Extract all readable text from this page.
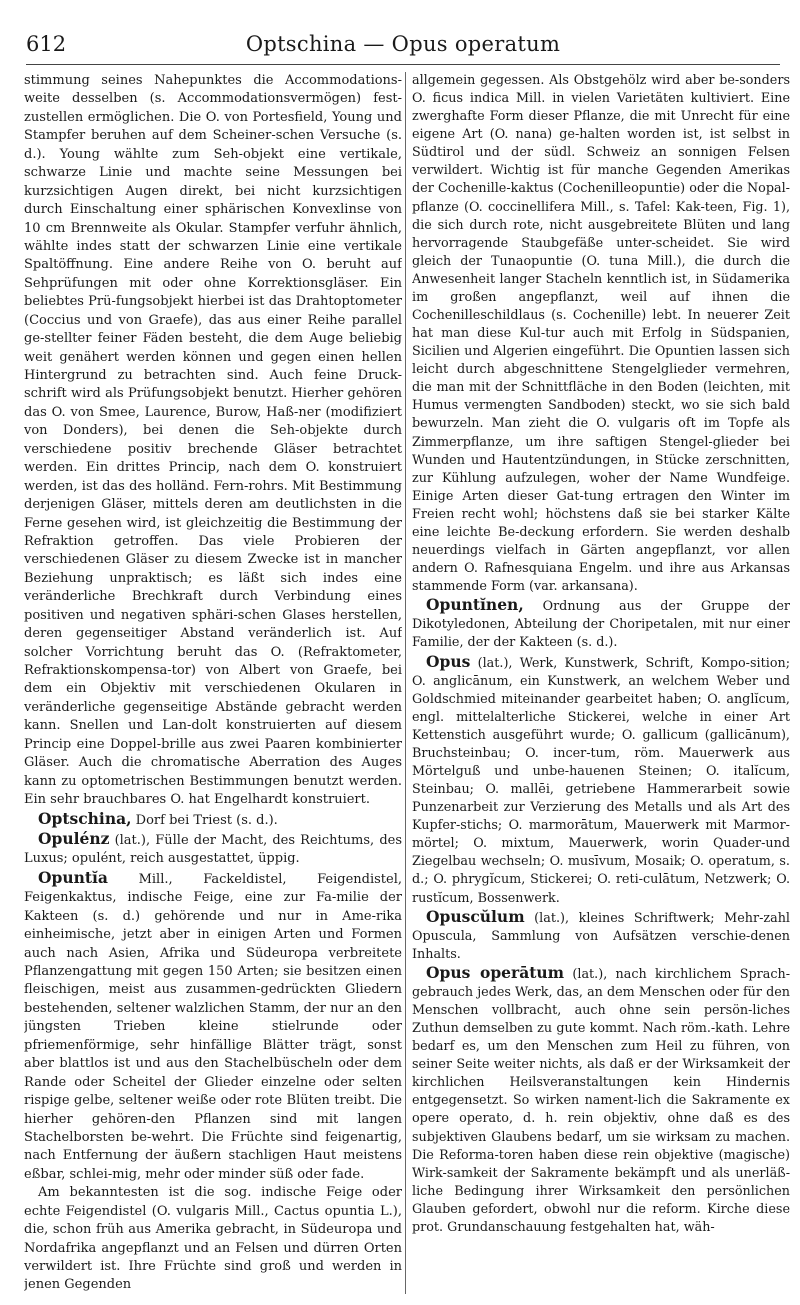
612	Optschina — Opus operatum

stimmung seines Nahepunktes die Accommodations-weite desselben (s. Accommodationsvermögen) fest-zustellen ermöglichen. Die O. von Portesfield, Young und Stampfer beruhen auf dem Scheiner-schen Versuche (s. d.). Young wählte zum Seh-objekt eine vertikale, schwarze Linie und machte seine Messungen bei kurzsichtigen Augen direkt, bei nicht kurzsichtigen durch Einschaltung einer sphärischen Konvexlinse von 10 cm Brennweite als Okular. Stampfer verfuhr ähnlich, wählte indes statt der schwarzen Linie eine vertikale Spaltöffnung. Eine andere Reihe von O. beruht auf Sehprüfungen mit oder ohne Korrektionsgläser. Ein beliebtes Prü-fungsobjekt hierbei ist das Drahtoptometer (Coccius und von Graefe), das aus einer Reihe parallel ge-stellter feiner Fäden besteht, die dem Auge beliebig weit genähert werden können und gegen einen hellen Hintergrund zu betrachten sind. Auch feine Druck-schrift wird als Prüfungsobjekt benutzt. Hierher gehören das O. von Smee, Laurence, Burow, Haß-ner (modifiziert von Donders), bei denen die Seh-objekte durch verschiedene positiv brechende Gläser betrachtet werden. Ein drittes Princip, nach dem O. konstruiert werden, ist das des holländ. Fern-rohrs. Mit Bestimmung derjenigen Gläser, mittels deren am deutlichsten in die Ferne gesehen wird, ist gleichzeitig die Bestimmung der Refraktion getroffen. Das viele Probieren der verschiedenen Gläser zu diesem Zwecke ist in mancher Beziehung unpraktisch; es läßt sich indes eine veränderliche Brechkraft durch Verbindung eines positiven und negativen sphäri-schen Glases herstellen, deren gegenseitiger Abstand veränderlich ist. Auf solcher Vorrichtung beruht das O. (Refraktometer, Refraktionskompensa-tor) von Albert von Graefe, bei dem ein Objektiv mit verschiedenen Okularen in veränderliche gegenseitige Abstände gebracht werden kann. Snellen und Lan-dolt konstruierten auf diesem Princip eine Doppel-brille aus zwei Paaren kombinierter Gläser. Auch die chromatische Aberration des Auges kann zu optometrischen Bestimmungen benutzt werden. Ein sehr brauchbares O. hat Engelhardt konstruiert.

Optschina, Dorf bei Triest (s. d.).

Opulénz (lat.), Fülle der Macht, des Reichtums, des Luxus; opulént, reich ausgestattet, üppig.

Opuntĭa Mill., Fackeldistel, Feigendistel, Feigenkaktus, indische Feige, eine zur Fa-milie der Kakteen (s. d.) gehörende und nur in Ame-rika einheimische, jetzt aber in einigen Arten und Formen auch nach Asien, Afrika und Südeuropa verbreitete Pflanzengattung mit gegen 150 Arten; sie besitzen einen fleischigen, meist aus zusammen-gedrückten Gliedern bestehenden, seltener walzlichen Stamm, der nur an den jüngsten Trieben kleine stielrunde oder pfriemenförmige, sehr hinfällige Blätter trägt, sonst aber blattlos ist und aus den Stachelbüscheln oder dem Rande oder Scheitel der Glieder einzelne oder selten rispige gelbe, seltener weiße oder rote Blüten treibt. Die hierher gehören-den Pflanzen sind mit langen Stachelborsten be-wehrt. Die Früchte sind feigenartig, nach Entfernung der äußern stachligen Haut meistens eßbar, schlei-mig, mehr oder minder süß oder fade.

Am bekanntesten ist die sog. indische Feige oder echte Feigendistel (O. vulgaris Mill., Cactus opuntia L.), die, schon früh aus Amerika gebracht, in Südeuropa und Nordafrika angepflanzt und an Felsen und dürren Orten verwildert ist. Ihre Früchte sind groß und werden in jenen Gegenden

allgemein gegessen. Als Obstgehölz wird aber be-sonders O. ficus indica Mill. in vielen Varietäten kultiviert. Eine zwerghafte Form dieser Pflanze, die mit Unrecht für eine eigene Art (O. nana) ge-halten worden ist, ist selbst in Südtirol und der südl. Schweiz an sonnigen Felsen verwildert. Wichtig ist für manche Gegenden Amerikas der Cochenille-kaktus (Cochenilleopuntie) oder die Nopal-pflanze (O. coccinellifera Mill., s. Tafel: Kak-teen, Fig. 1), die sich durch rote, nicht ausgebreitete Blüten und lang hervorragende Staubgefäße unter-scheidet. Sie wird gleich der Tunaopuntie (O. tuna Mill.), die durch die Anwesenheit langer Stacheln kenntlich ist, in Südamerika im großen angepflanzt, weil auf ihnen die Cochenilleschildlaus (s. Cochenille) lebt. In neuerer Zeit hat man diese Kul-tur auch mit Erfolg in Südspanien, Sicilien und Algerien eingeführt. Die Opuntien lassen sich leicht durch abgeschnittene Stengelglieder vermehren, die man mit der Schnittfläche in den Boden (leichten, mit Humus vermengten Sandboden) steckt, wo sie sich bald bewurzeln. Man zieht die O. vulgaris oft im Topfe als Zimmerpflanze, um ihre saftigen Stengel-glieder bei Wunden und Hautentzündungen, in Stücke zerschnitten, zur Kühlung aufzulegen, woher der Name Wundfeige. Einige Arten dieser Gat-tung ertragen den Winter im Freien recht wohl; höchstens daß sie bei starker Kälte eine leichte Be-deckung erfordern. Sie werden deshalb neuerdings vielfach in Gärten angepflanzt, vor allen andern O. Rafnesquiana Engelm. und ihre aus Arkansas stammende Form (var. arkansana).

Opuntĭnen, Ordnung aus der Gruppe der Dikotyledonen, Abteilung der Choripetalen, mit nur einer Familie, der der Kakteen (s. d.).

Opus (lat.), Werk, Kunstwerk, Schrift, Kompo-sition; O. anglicānum, ein Kunstwerk, an welchem Weber und Goldschmied miteinander gearbeitet haben; O. anglĭcum, engl. mittelalterliche Stickerei, welche in einer Art Kettenstich ausgeführt wurde; O. gallicum (gallicānum), Bruchsteinbau; O. incer-tum, röm. Mauerwerk aus Mörtelguß und unbe-hauenen Steinen; O. italĭcum, Steinbau; O. mallēi, getriebene Hammerarbeit sowie Punzenarbeit zur Verzierung des Metalls und als Art des Kupfer-stichs; O. marmorātum, Mauerwerk mit Marmor-mörtel; O. mixtum, Mauerwerk, worin Quader-und Ziegelbau wechseln; O. musīvum, Mosaik; O. operatum, s. d.; O. phrygĭcum, Stickerei; O. reti-culātum, Netzwerk; O. rustĭcum, Bossenwerk.

Opuscŭlum (lat.), kleines Schriftwerk; Mehr-zahl Opuscula, Sammlung von Aufsätzen verschie-denen Inhalts.

Opus operātum (lat.), nach kirchlichem Sprach-gebrauch jedes Werk, das, an dem Menschen oder für den Menschen vollbracht, auch ohne sein persön-liches Zuthun demselben zu gute kommt. Nach röm.-kath. Lehre bedarf es, um den Menschen zum Heil zu führen, von seiner Seite weiter nichts, als daß er der Wirksamkeit der kirchlichen Heilsveranstaltungen kein Hindernis entgegensetzt. So wirken nament-lich die Sakramente ex opere operato, d. h. rein objektiv, ohne daß es des subjektiven Glaubens bedarf, um sie wirksam zu machen. Die Reforma-toren haben diese rein objektive (magische) Wirk-samkeit der Sakramente bekämpft und als unerläß-liche Bedingung ihrer Wirksamkeit den persönlichen Glauben gefordert, obwohl nur die reform. Kirche diese prot. Grundanschauung festgehalten hat, wäh-
